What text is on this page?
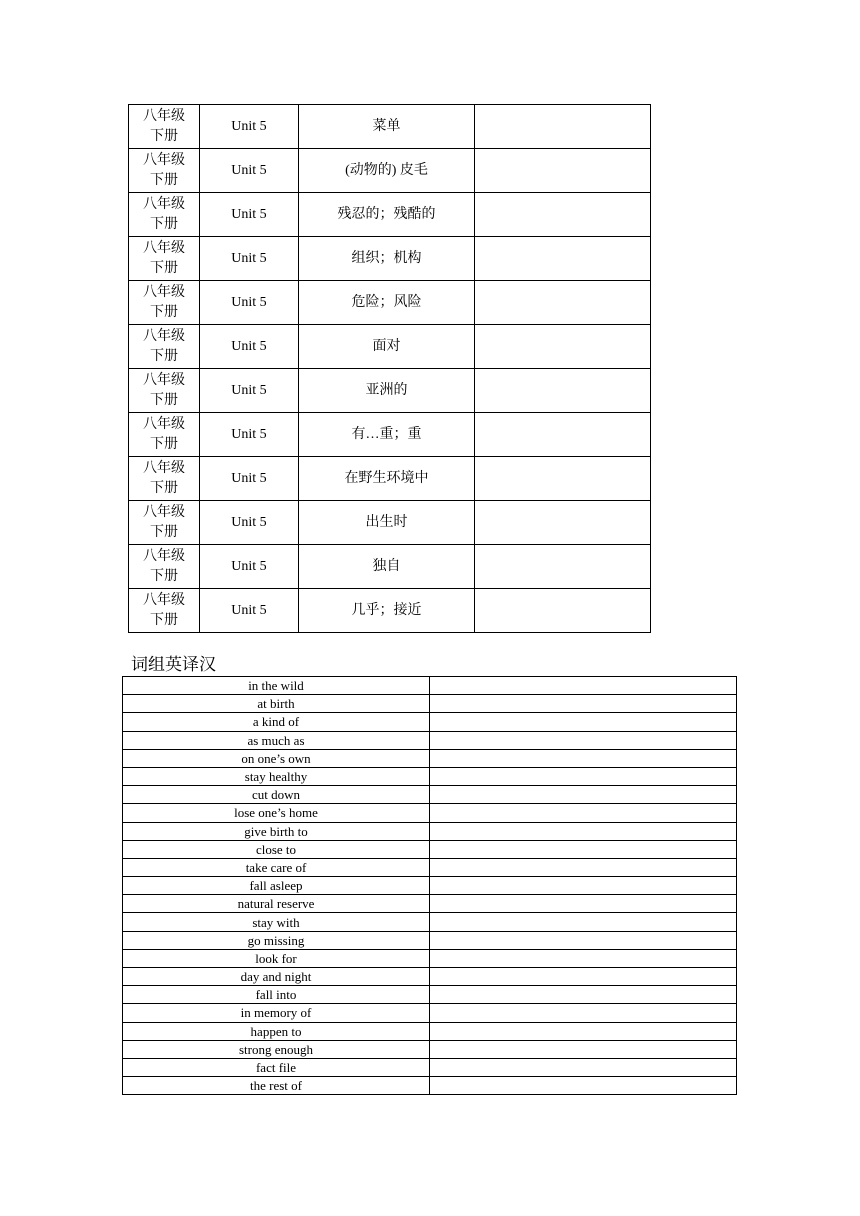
八年级
下册	Unit 5	菜单	

八年级
下册	Unit 5	(动物的) 皮毛	

八年级
下册	Unit 5	残忍的；残酷的	

八年级
下册	Unit 5	组织；机构	

八年级
下册	Unit 5	危险；风险	

八年级
下册	Unit 5	面对	

八年级
下册	Unit 5	亚洲的	

八年级
下册	Unit 5	有…重；重	

八年级
下册	Unit 5	在野生环境中	

八年级
下册	Unit 5	出生时	

八年级
下册	Unit 5	独自	

八年级
下册	Unit 5	几乎；接近	
词组英译汉
in the wild	
at birth	
a kind of	
as much as	
on one’s own	
stay healthy	
cut down	
lose one’s home	
give birth to	
close to	
take care of	
fall asleep	
natural reserve	
stay with	
go missing	
look for	
day and night	
fall into	
in memory of	
happen to	
strong enough	
fact file	
the rest of	
